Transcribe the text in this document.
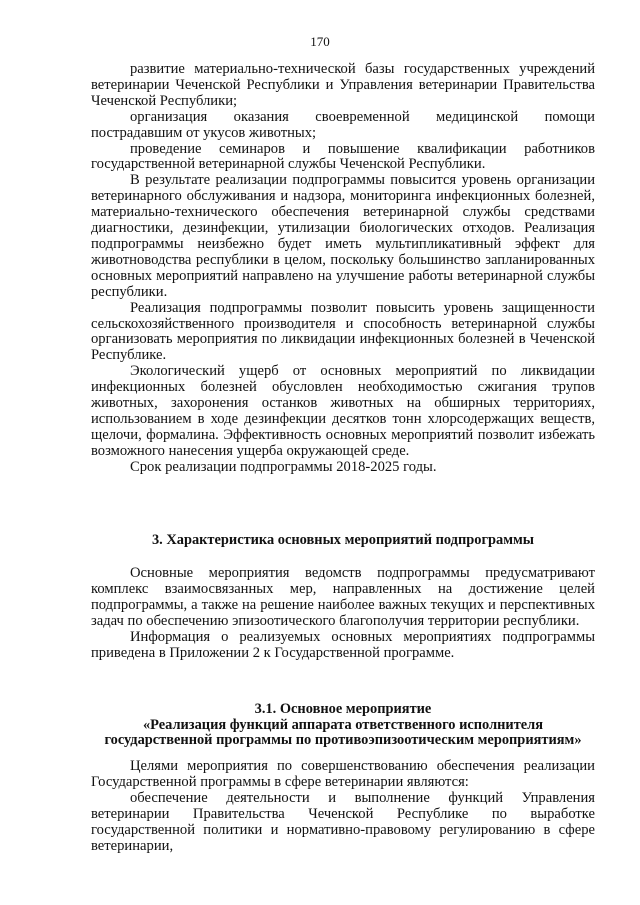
170

развитие материально-технической базы государственных учреждений ветеринарии Чеченской Республики и Управления ветеринарии Правительства Чеченской Республики;

организация оказания своевременной медицинской помощи пострадавшим от укусов животных;

проведение семинаров и повышение квалификации работников государственной ветеринарной службы Чеченской Республики.

В результате реализации подпрограммы повысится уровень организации ветеринарного обслуживания и надзора, мониторинга инфекционных болезней, материально-технического обеспечения ветеринарной службы средствами диагностики, дезинфекции, утилизации биологических отходов. Реализация подпрограммы неизбежно будет иметь мультипликативный эффект для животноводства республики в целом, поскольку большинство запланированных основных мероприятий направлено на улучшение работы ветеринарной службы республики.

Реализация подпрограммы позволит повысить уровень защищенности сельскохозяйственного производителя и способность ветеринарной службы организовать мероприятия по ликвидации инфекционных болезней в Чеченской Республике.

Экологический ущерб от основных мероприятий по ликвидации инфекционных болезней обусловлен необходимостью сжигания трупов животных, захоронения останков животных на обширных территориях, использованием в ходе дезинфекции десятков тонн хлорсодержащих веществ, щелочи, формалина. Эффективность основных мероприятий позволит избежать возможного нанесения ущерба окружающей среде.

Срок реализации подпрограммы 2018-2025 годы.

3. Характеристика основных мероприятий подпрограммы

Основные мероприятия ведомств подпрограммы предусматривают комплекс взаимосвязанных мер, направленных на достижение целей подпрограммы, а также на решение наиболее важных текущих и перспективных задач по обеспечению эпизоотического благополучия территории республики.

Информация о реализуемых основных мероприятиях подпрограммы приведена в Приложении 2 к Государственной программе.

3.1. Основное мероприятие
«Реализация функций аппарата ответственного исполнителя
государственной программы по противоэпизоотическим мероприятиям»

Целями мероприятия по совершенствованию обеспечения реализации Государственной программы в сфере ветеринарии являются:

обеспечение деятельности и выполнение функций Управления ветеринарии Правительства Чеченской Республике по выработке государственной политики и нормативно-правовому регулированию в сфере ветеринарии,
